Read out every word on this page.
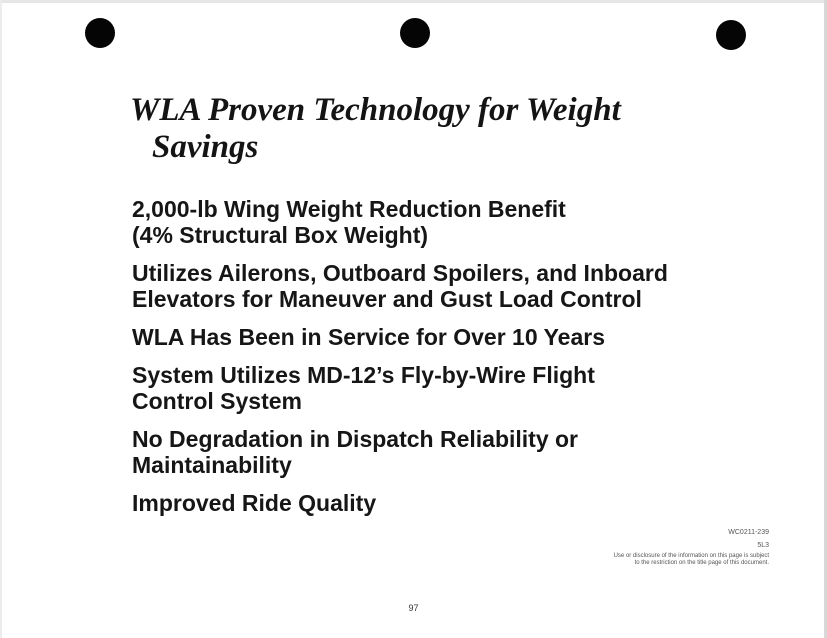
WLA Proven Technology for Weight
Savings
2,000-lb Wing Weight Reduction Benefit
(4% Structural Box Weight)
Utilizes Ailerons, Outboard Spoilers, and Inboard
Elevators for Maneuver and Gust Load Control
WLA Has Been in Service for Over 10 Years
System Utilizes MD-12’s Fly-by-Wire Flight
Control System
No Degradation in Dispatch Reliability or
Maintainability
Improved Ride Quality
WC0211-239
5L3
Use or disclosure of the information on this page is subject
to the restriction on the title page of this document.
97
